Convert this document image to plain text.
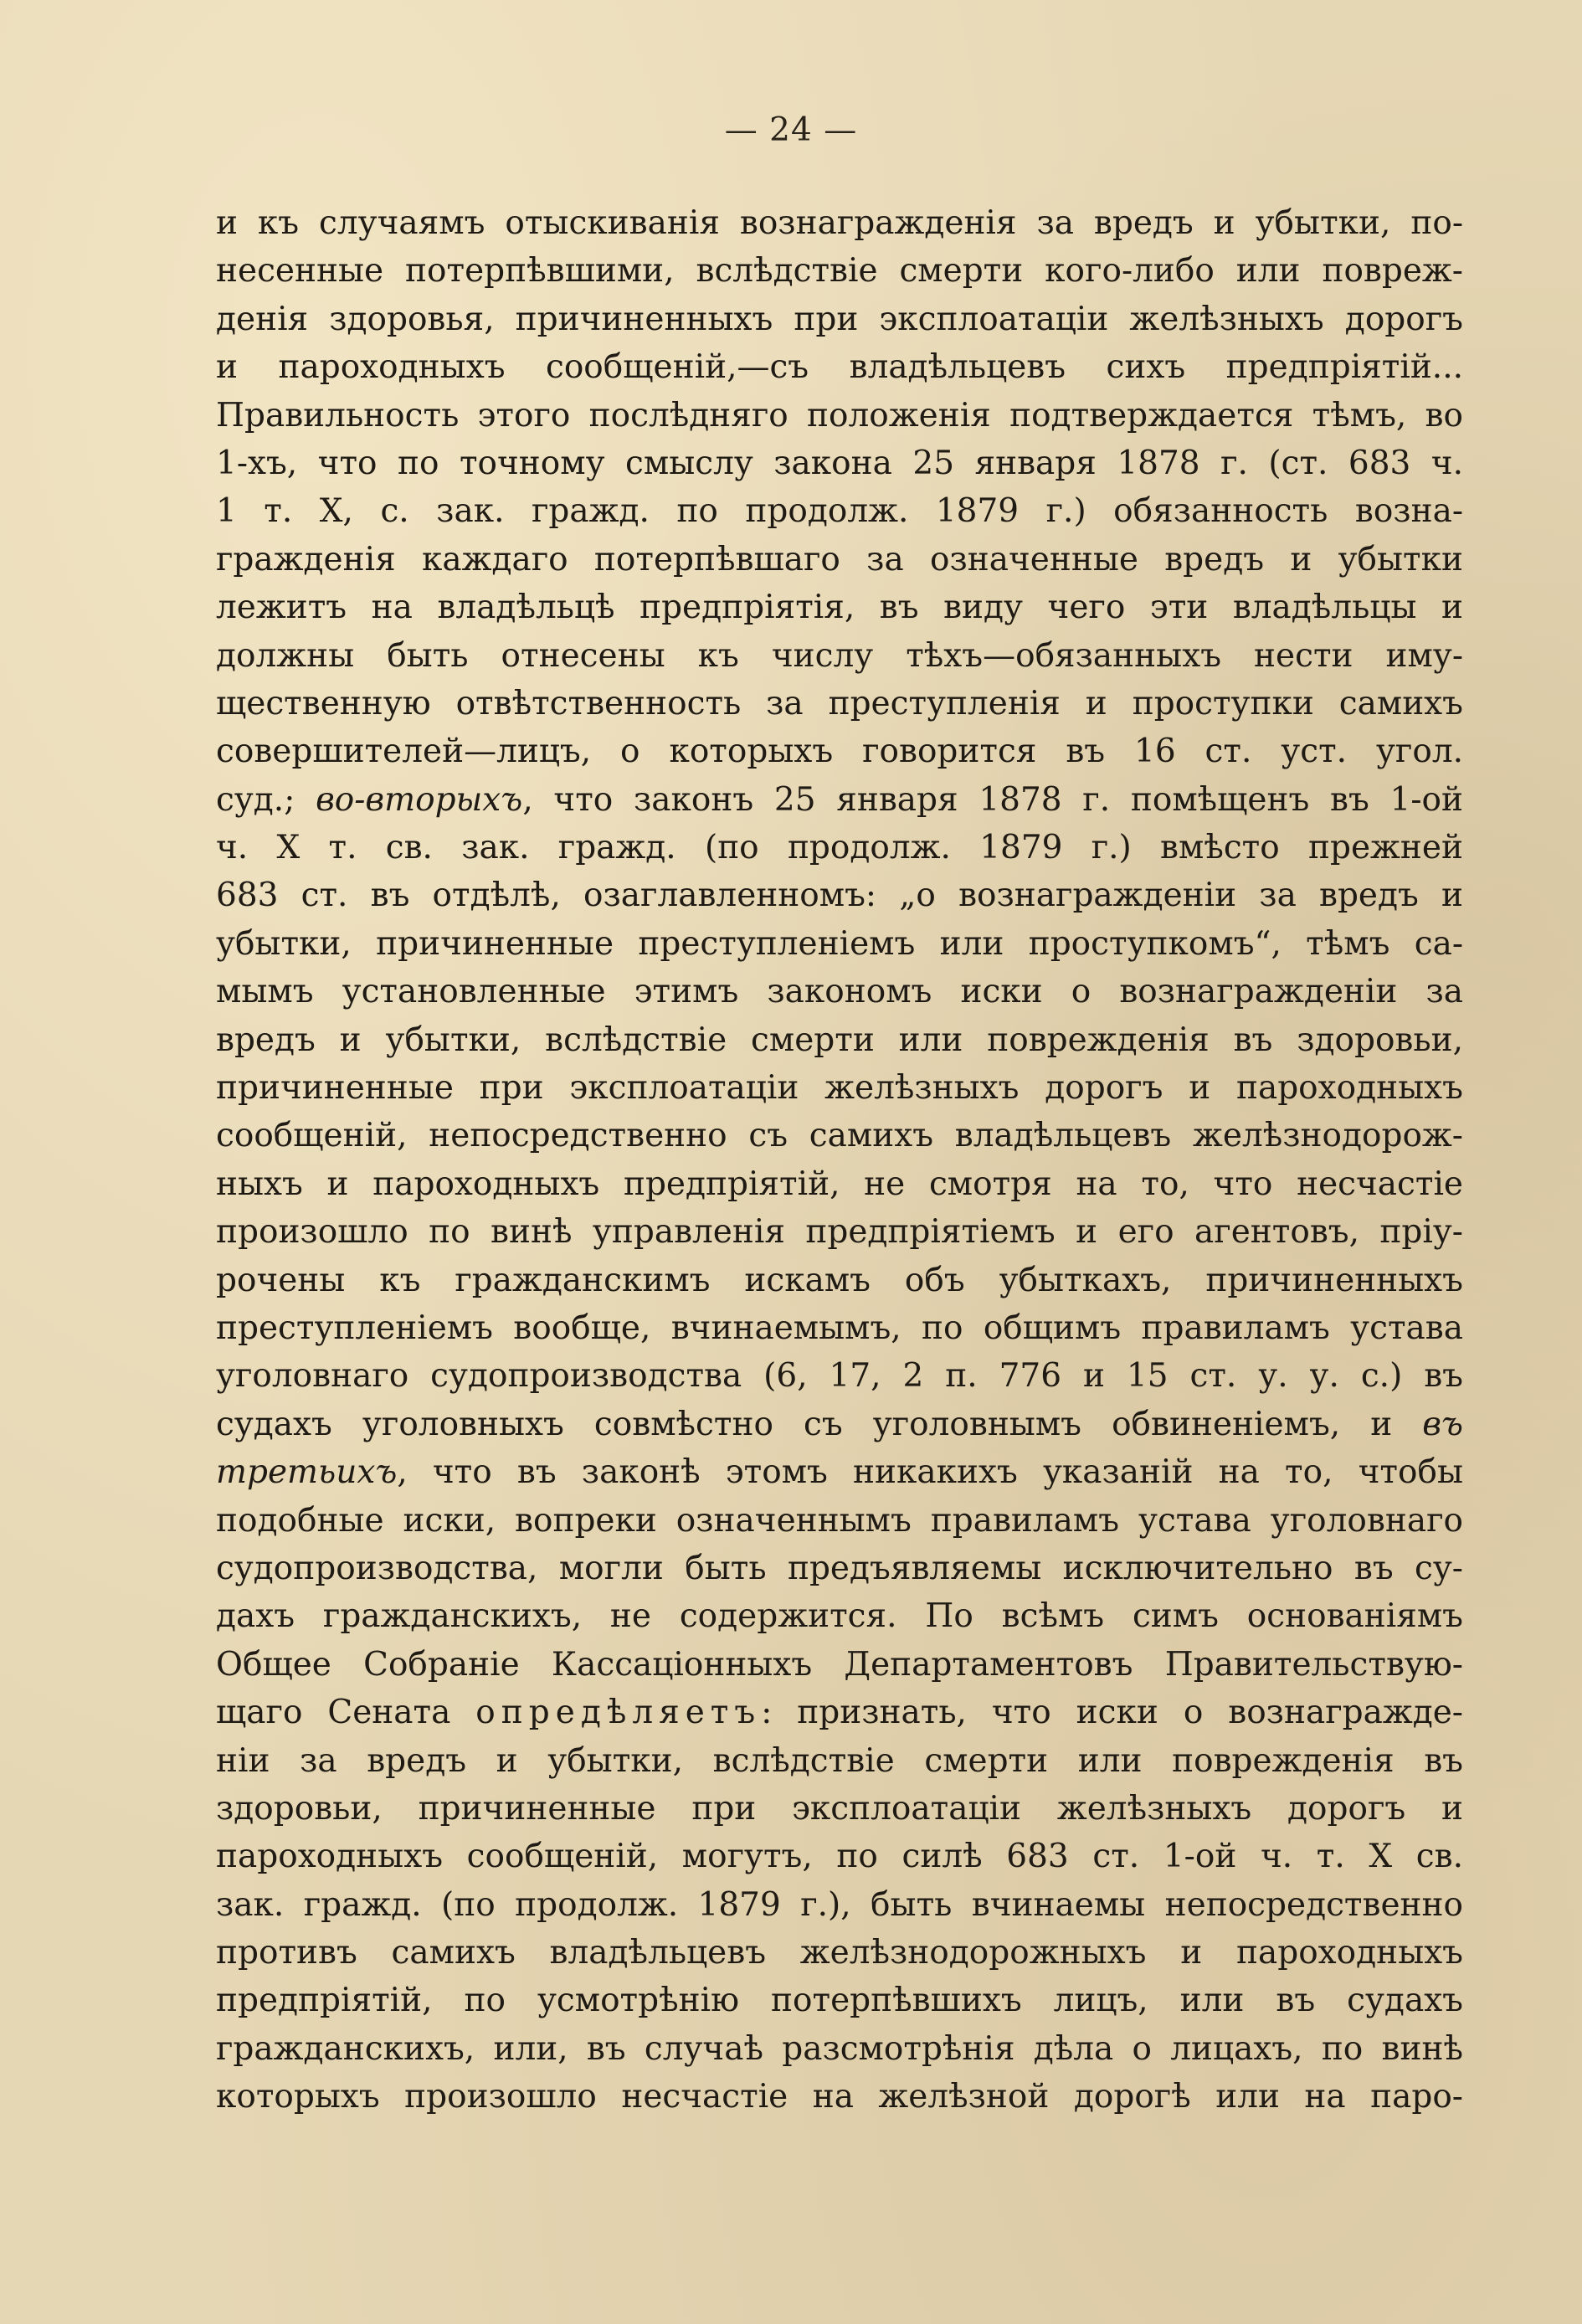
— 24 —
и къ случаямъ отыскиванія вознагражденія за вредъ и убытки, по-
несенные потерпѣвшими, вслѣдствіе смерти кого-либо или повреж-
денія здоровья, причиненныхъ при эксплоатаціи желѣзныхъ дорогъ
и пароходныхъ сообщеній,—съ владѣльцевъ сихъ предпріятій...
Правильность этого послѣдняго положенія подтверждается тѣмъ, во
1-хъ, что по точному смыслу закона 25 января 1878 г. (ст. 683 ч.
1 т. X, с. зак. гражд. по продолж. 1879 г.) обязанность возна-
гражденія каждаго потерпѣвшаго за означенные вредъ и убытки
лежитъ на владѣльцѣ предпріятія, въ виду чего эти владѣльцы и
должны быть отнесены къ числу тѣхъ—обязанныхъ нести иму-
щественную отвѣтственность за преступленія и проступки самихъ
совершителей—лицъ, о которыхъ говорится въ 16 ст. уст. угол.
суд.; во-вторыхъ, что законъ 25 января 1878 г. помѣщенъ въ 1-ой
ч. X т. св. зак. гражд. (по продолж. 1879 г.) вмѣсто прежней
683 ст. въ отдѣлѣ, озаглавленномъ: „о вознагражденіи за вредъ и
убытки, причиненные преступленіемъ или проступкомъ“, тѣмъ са-
мымъ установленные этимъ закономъ иски о вознагражденіи за
вредъ и убытки, вслѣдствіе смерти или поврежденія въ здоровьи,
причиненные при эксплоатаціи желѣзныхъ дорогъ и пароходныхъ
сообщеній, непосредственно съ самихъ владѣльцевъ желѣзнодорож-
ныхъ и пароходныхъ предпріятій, не смотря на то, что несчастіе
произошло по винѣ управленія предпріятіемъ и его агентовъ, пріу-
рочены къ гражданскимъ искамъ объ убыткахъ, причиненныхъ
преступленіемъ вообще, вчинаемымъ, по общимъ правиламъ устава
уголовнаго судопроизводства (6, 17, 2 п. 776 и 15 ст. у. у. с.) въ
судахъ уголовныхъ совмѣстно съ уголовнымъ обвиненіемъ, и въ
третьихъ, что въ законѣ этомъ никакихъ указаній на то, чтобы
подобные иски, вопреки означеннымъ правиламъ устава уголовнаго
судопроизводства, могли быть предъявляемы исключительно въ су-
дахъ гражданскихъ, не содержится. По всѣмъ симъ основаніямъ
Общее Собраніе Кассаціонныхъ Департаментовъ Правительствую-
щаго Сената опредѣляетъ: признать, что иски о вознагражде-
ніи за вредъ и убытки, вслѣдствіе смерти или поврежденія въ
здоровьи, причиненные при эксплоатаціи желѣзныхъ дорогъ и
пароходныхъ сообщеній, могутъ, по силѣ 683 ст. 1-ой ч. т. X св.
зак. гражд. (по продолж. 1879 г.), быть вчинаемы непосредственно
противъ самихъ владѣльцевъ желѣзнодорожныхъ и пароходныхъ
предпріятій, по усмотрѣнію потерпѣвшихъ лицъ, или въ судахъ
гражданскихъ, или, въ случаѣ разсмотрѣнія дѣла о лицахъ, по винѣ
которыхъ произошло несчастіе на желѣзной дорогѣ или на паро-
